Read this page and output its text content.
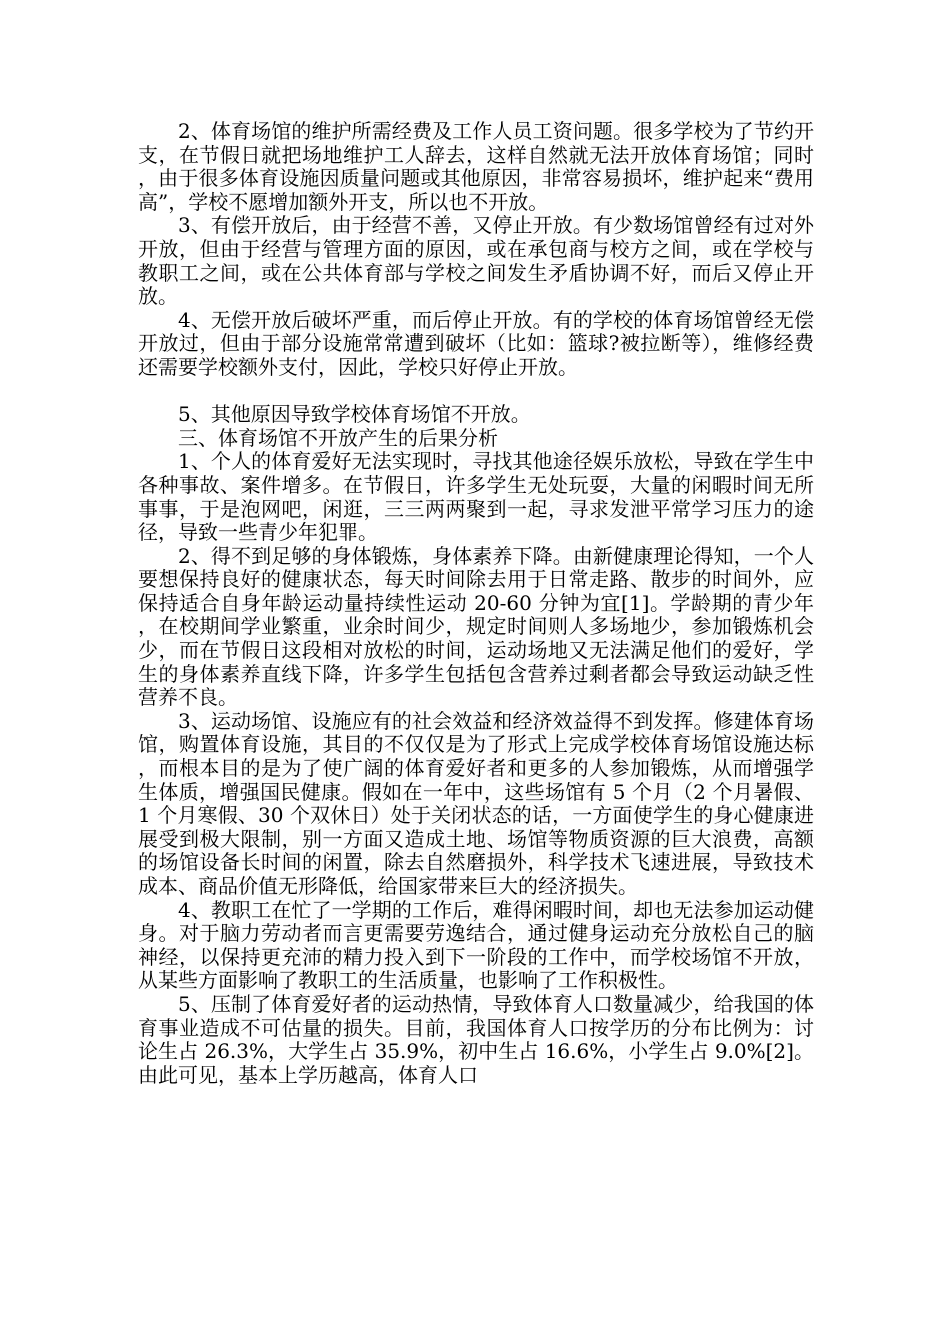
2、体育场馆的维护所需经费及工作人员工资问题。很多学校为了节约开支，在节假日就把场地维护工人辞去，这样自然就无法开放体育场馆；同时，由于很多体育设施因质量问题或其他原因，非常容易损坏，维护起来“费用高”，学校不愿增加额外开支，所以也不开放。

3、有偿开放后，由于经营不善，又停止开放。有少数场馆曾经有过对外开放，但由于经营与管理方面的原因，或在承包商与校方之间，或在学校与教职工之间，或在公共体育部与学校之间发生矛盾协调不好，而后又停止开放。

4、无偿开放后破坏严重，而后停止开放。有的学校的体育场馆曾经无偿开放过，但由于部分设施常常遭到破坏（比如：篮球?被拉断等），维修经费还需要学校额外支付，因此，学校只好停止开放。

5、其他原因导致学校体育场馆不开放。

三、体育场馆不开放产生的后果分析

1、个人的体育爱好无法实现时，寻找其他途径娱乐放松，导致在学生中各种事故、案件增多。在节假日，许多学生无处玩耍，大量的闲暇时间无所事事，于是泡网吧，闲逛，三三两两聚到一起，寻求发泄平常学习压力的途径，导致一些青少年犯罪。

2、得不到足够的身体锻炼，身体素养下降。由新健康理论得知，一个人要想保持良好的健康状态，每天时间除去用于日常走路、散步的时间外，应保持适合自身年龄运动量持续性运动 20-60 分钟为宜[1]。学龄期的青少年，在校期间学业繁重，业余时间少，规定时间则人多场地少，参加锻炼机会少，而在节假日这段相对放松的时间，运动场地又无法满足他们的爱好，学生的身体素养直线下降，许多学生包括包含营养过剩者都会导致运动缺乏性营养不良。

3、运动场馆、设施应有的社会效益和经济效益得不到发挥。修建体育场馆，购置体育设施，其目的不仅仅是为了形式上完成学校体育场馆设施达标，而根本目的是为了使广阔的体育爱好者和更多的人参加锻炼，从而增强学生体质，增强国民健康。假如在一年中，这些场馆有 5 个月（2 个月暑假、1 个月寒假、30 个双休日）处于关闭状态的话，一方面使学生的身心健康进展受到极大限制，别一方面又造成土地、场馆等物质资源的巨大浪费，高额的场馆设备长时间的闲置，除去自然磨损外，科学技术飞速进展，导致技术成本、商品价值无形降低，给国家带来巨大的经济损失。

4、教职工在忙了一学期的工作后，难得闲暇时间，却也无法参加运动健身。对于脑力劳动者而言更需要劳逸结合，通过健身运动充分放松自己的脑神经，以保持更充沛的精力投入到下一阶段的工作中，而学校场馆不开放，从某些方面影响了教职工的生活质量，也影响了工作积极性。

5、压制了体育爱好者的运动热情，导致体育人口数量减少，给我国的体育事业造成不可估量的损失。目前，我国体育人口按学历的分布比例为：讨论生占 26.3%，大学生占 35.9%，初中生占 16.6%，小学生占 9.0%[2]。由此可见，基本上学历越高，体育人口
